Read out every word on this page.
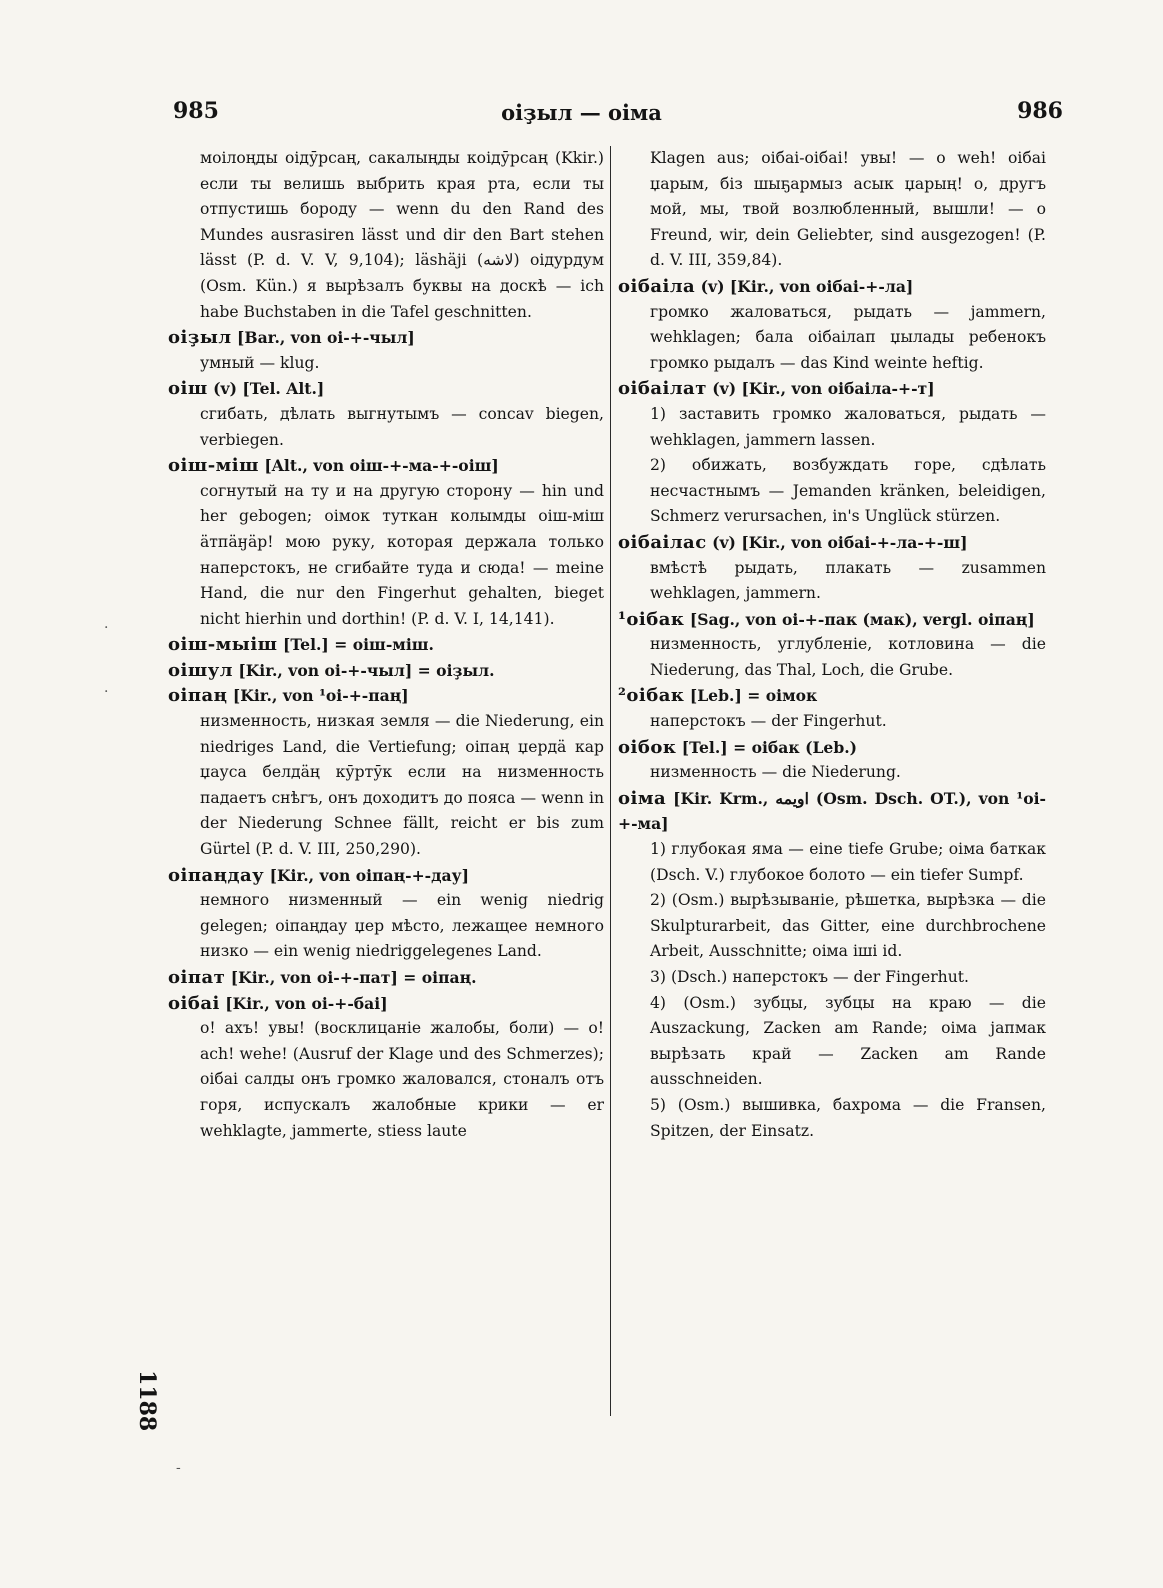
985	оіҙыл — оіма	986
моілоңды оідӯрсаң, сакалыңды коідӯрсаң (Kkir.) если ты велишь выбрить края рта, если ты отпустишь бороду — wenn du den Rand des Mundes ausrasiren lässt und dir den Bart stehen lässt (P. d. V. V, 9,104); läshäji (ﻻﺷﻪ) оідурдум (Osm. Kün.) я вырѣзалъ буквы на доскѣ — ich habe Buchstaben in die Tafel geschnitten.
оіҙыл [Bar., von оі-+-чыл]
умный — klug.
оіш (v) [Tel. Alt.]
сгибать, дѣлать выгнутымъ — concav biegen, verbiegen.
оіш-міш [Alt., von оіш-+-ма-+-оіш]
согнутый на ту и на другую сторону — hin und her gebogen; оімок туткан колымды оіш-міш ӓтпӓӈӓр! мою руку, которая держала только наперстокъ, не сгибайте туда и сюда! — meine Hand, die nur den Fingerhut gehalten, bieget nicht hierhin und dorthin! (P. d. V. I, 14,141).
оіш-мыіш [Tel.] = оіш-міш.
оішул [Kir., von оі-+-чыл] = оіҙыл.
оіпаң [Kir., von ¹оі-+-паң]
низменность, низкая земля — die Niederung, ein niedriges Land, die Vertiefung; оіпаң џердӓ кар џауса белдӓң кӯртӯк если на низменность падаетъ снѣгъ, онъ доходитъ до пояса — wenn in der Niederung Schnee fällt, reicht er bis zum Gürtel (P. d. V. III, 250,290).
оіпаңдау [Kir., von оіпаң-+-дау]
немного низменный — ein wenig niedrig gelegen; оіпаңдау џер мѣсто, лежащее немного низко — ein wenig niedriggelegenes Land.
оіпат [Kir., von оі-+-пат] = оіпаң.
оібаі [Kir., von оі-+-баі]
о! ахъ! увы! (восклицаніе жалобы, боли) — o! ach! wehe! (Ausruf der Klage und des Schmerzes); оібаі салды онъ громко жаловался, стоналъ отъ горя, испускалъ жалобные крики — er wehklagte, jammerte, stiess laute
Klagen aus; оібаі-оібаі! увы! — о weh! оібаі џарым, біз шыҕармыз асык џарың! о, другъ мой, мы, твой возлюбленный, вышли! — o Freund, wir, dein Geliebter, sind ausgezogen! (P. d. V. III, 359,84).
оібаіла (v) [Kir., von оібаі-+-ла]
громко жаловаться, рыдать — jammern, wehklagen; бала оібаілап џылады ребенокъ громко рыдалъ — das Kind weinte heftig.
оібаілат (v) [Kir., von оібаіла-+-т]
1) заставить громко жаловаться, рыдать — wehklagen, jammern lassen.
2) обижать, возбуждать горе, сдѣлать несчастнымъ — Jemanden kränken, beleidigen, Schmerz verursachen, in's Unglück stürzen.
оібаілас (v) [Kir., von оібаі-+-ла-+-ш]
вмѣстѣ рыдать, плакать — zusammen wehklagen, jammern.
¹оібак [Sag., von оі-+-пак (мак), vergl. оіпаң]
низменность, углубленіе, котловина — die Niederung, das Thal, Loch, die Grube.
²оібак [Leb.] = оімок
наперстокъ — der Fingerhut.
оібок [Tel.] = оібак (Leb.)
низменность — die Niederung.
оіма [Kir. Krm., اويمه (Osm. Dsch. OT.), von ¹оі-+-ма]
1) глубокая яма — eine tiefe Grube; оіма баткак (Dsch. V.) глубокое болото — ein tiefer Sumpf.
2) (Osm.) вырѣзываніе, рѣшетка, вырѣзка — die Skulpturarbeit, das Gitter, eine durchbrochene Arbeit, Ausschnitte; оіма іші id.
3) (Dsch.) наперстокъ — der Fingerhut.
4) (Osm.) зубцы, зубцы на краю — die Auszackung, Zacken am Rande; оіма јапмак вырѣзать край — Zacken am Rande ausschneiden.
5) (Osm.) вышивка, бахрома — die Fransen, Spitzen, der Einsatz.
1188
·
·
-
